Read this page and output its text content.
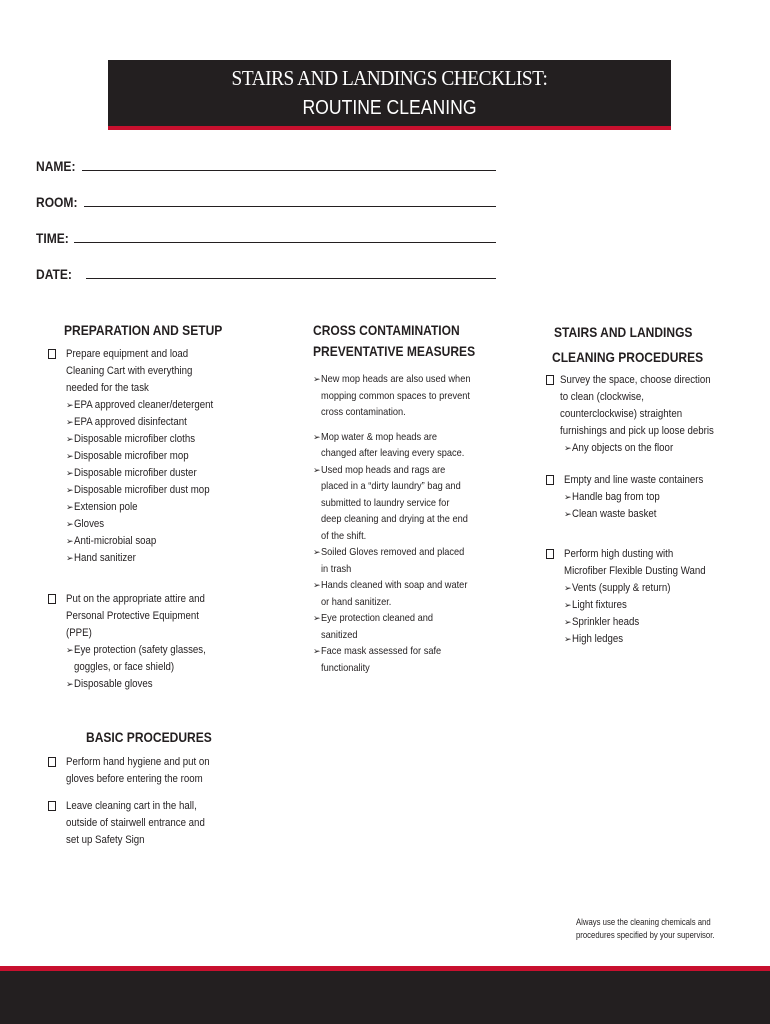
STAIRS AND LANDINGS CHECKLIST:
ROUTINE CLEANING
NAME:
ROOM:
TIME:
DATE:
PREPARATION AND SETUP
Prepare equipment and load Cleaning Cart with everything needed for the task
➢ EPA approved cleaner/detergent
➢ EPA approved disinfectant
➢ Disposable microfiber cloths
➢ Disposable microfiber mop
➢ Disposable microfiber duster
➢ Disposable microfiber dust mop
➢ Extension pole
➢ Gloves
➢ Anti-microbial soap
➢ Hand sanitizer
Put on the appropriate attire and Personal Protective Equipment (PPE)
➢ Eye protection (safety glasses, goggles, or face shield)
➢ Disposable gloves
BASIC PROCEDURES
Perform hand hygiene and put on gloves before entering the room
Leave cleaning cart in the hall, outside of stairwell entrance and set up Safety Sign
CROSS CONTAMINATION
PREVENTATIVE MEASURES
➢ New mop heads are also used when mopping common spaces to prevent cross contamination.
➢ Mop water & mop heads are changed after leaving every space.
➢ Used mop heads and rags are placed in a “dirty laundry” bag and submitted to laundry service for deep cleaning and drying at the end of the shift.
➢ Soiled Gloves removed and placed in trash
➢ Hands cleaned with soap and water or hand sanitizer.
➢ Eye protection cleaned and sanitized
➢ Face mask assessed for safe functionality
STAIRS AND LANDINGS
CLEANING PROCEDURES
Survey the space, choose direction to clean (clockwise, counterclockwise) straighten furnishings and pick up loose debris
➢ Any objects on the floor
Empty and line waste containers
➢ Handle bag from top
➢ Clean waste basket
Perform high dusting with Microfiber Flexible Dusting Wand
➢ Vents (supply & return)
➢ Light fixtures
➢ Sprinkler heads
➢ High ledges
Always use the cleaning chemicals and procedures specified by your supervisor.
